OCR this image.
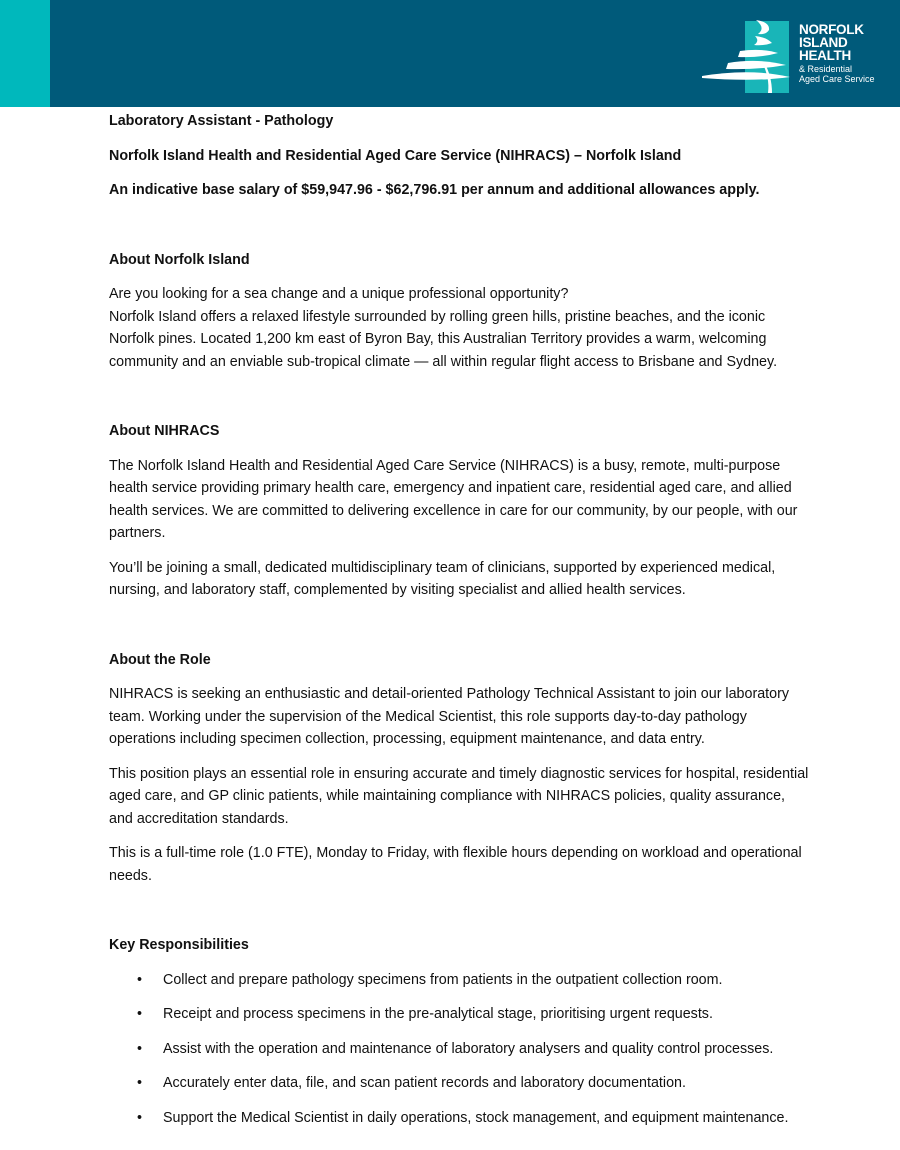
NORFOLK
ISLAND
HEALTH
& Residential
Aged Care Service

Laboratory Assistant - Pathology

Norfolk Island Health and Residential Aged Care Service (NIHRACS) – Norfolk Island

An indicative base salary of $59,947.96 - $62,796.91 per annum and additional allowances apply.

About Norfolk Island

Are you looking for a sea change and a unique professional opportunity?

Norfolk Island offers a relaxed lifestyle surrounded by rolling green hills, pristine beaches, and the iconic Norfolk pines. Located 1,200 km east of Byron Bay, this Australian Territory provides a warm, welcoming community and an enviable sub-tropical climate — all within regular flight access to Brisbane and Sydney.

About NIHRACS

The Norfolk Island Health and Residential Aged Care Service (NIHRACS) is a busy, remote, multi-purpose health service providing primary health care, emergency and inpatient care, residential aged care, and allied health services. We are committed to delivering excellence in care for our community, by our people, with our partners.

You’ll be joining a small, dedicated multidisciplinary team of clinicians, supported by experienced medical, nursing, and laboratory staff, complemented by visiting specialist and allied health services.

About the Role

NIHRACS is seeking an enthusiastic and detail-oriented Pathology Technical Assistant to join our laboratory team. Working under the supervision of the Medical Scientist, this role supports day-to-day pathology operations including specimen collection, processing, equipment maintenance, and data entry.

This position plays an essential role in ensuring accurate and timely diagnostic services for hospital, residential aged care, and GP clinic patients, while maintaining compliance with NIHRACS policies, quality assurance, and accreditation standards.

This is a full-time role (1.0 FTE), Monday to Friday, with flexible hours depending on workload and operational needs.

Key Responsibilities
• Collect and prepare pathology specimens from patients in the outpatient collection room.
• Receipt and process specimens in the pre-analytical stage, prioritising urgent requests.
• Assist with the operation and maintenance of laboratory analysers and quality control processes.
• Accurately enter data, file, and scan patient records and laboratory documentation.
• Support the Medical Scientist in daily operations, stock management, and equipment maintenance.
